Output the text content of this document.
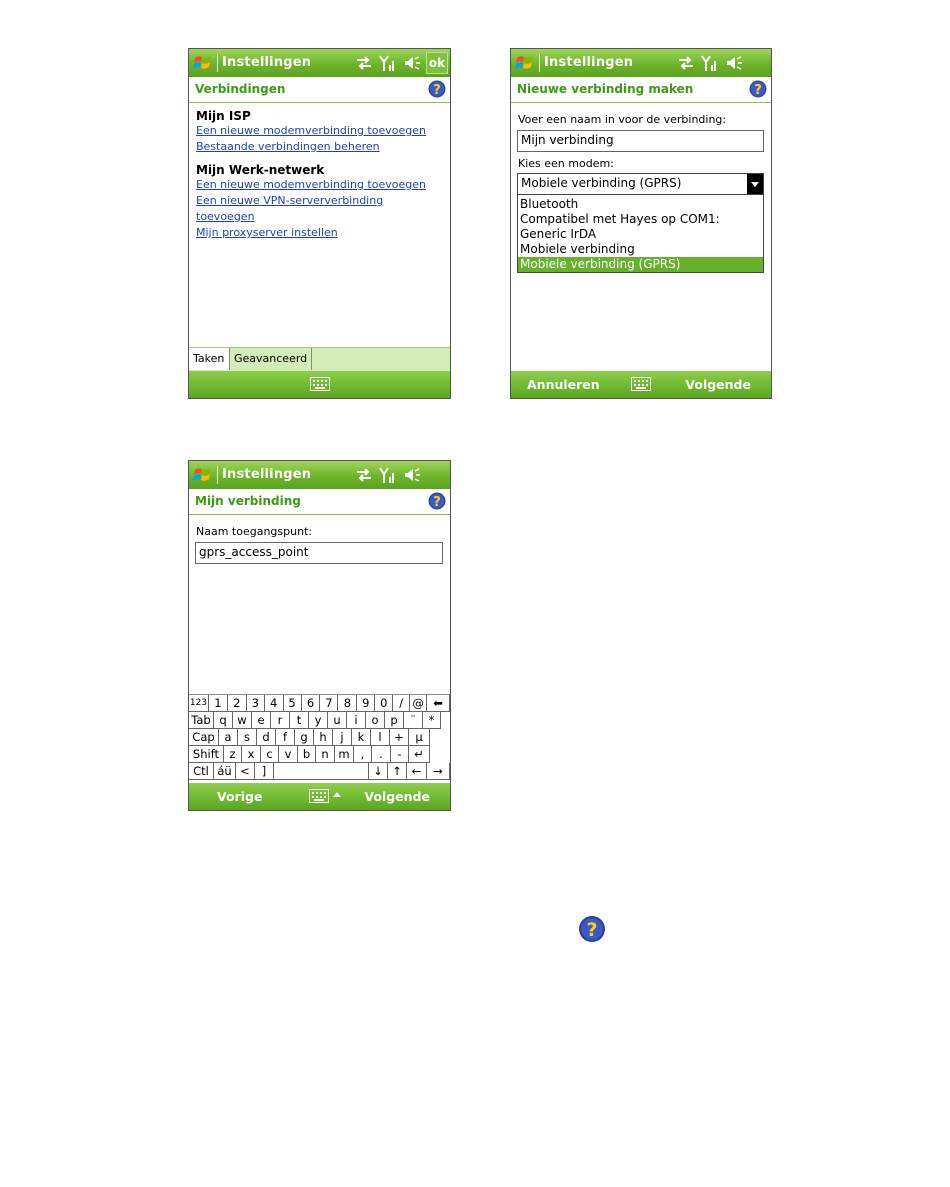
Instellingen	ok
Verbindingen	?

Mijn ISP

Een nieuwe modemverbinding toevoegen
Bestaande verbindingen beheren

Mijn Werk-netwerk

Een nieuwe modemverbinding toevoegen
Een nieuwe VPN-serververbinding toevoegen
Mijn proxyserver instellen
Taken Geavanceerd
Instellingen
Nieuwe verbinding maken	?
Voer een naam in voor de verbinding:
Mijn verbinding
Kies een modem:
Mobiele verbinding (GPRS)
Bluetooth
Compatibel met Hayes op COM1:
Generic IrDA
Mobiele verbinding
Mobiele verbinding (GPRS)
Annuleren	Volgende
Instellingen
Mijn verbinding	?
Naam toegangspunt:
gprs_access_point
123 1	2 3 4 5 6 7 8 9 0	/ @ ⬅
Tab q w e	r	t	y	u	i	o	p	¨	*
Cap a	s	d	f	g	h	j	k	l	+	µ
Shift z	x	c	v b n m ,	.	-	↵
Ctl áü <	]	↓ ↑ ←	→
Vorige	Volgende
?
